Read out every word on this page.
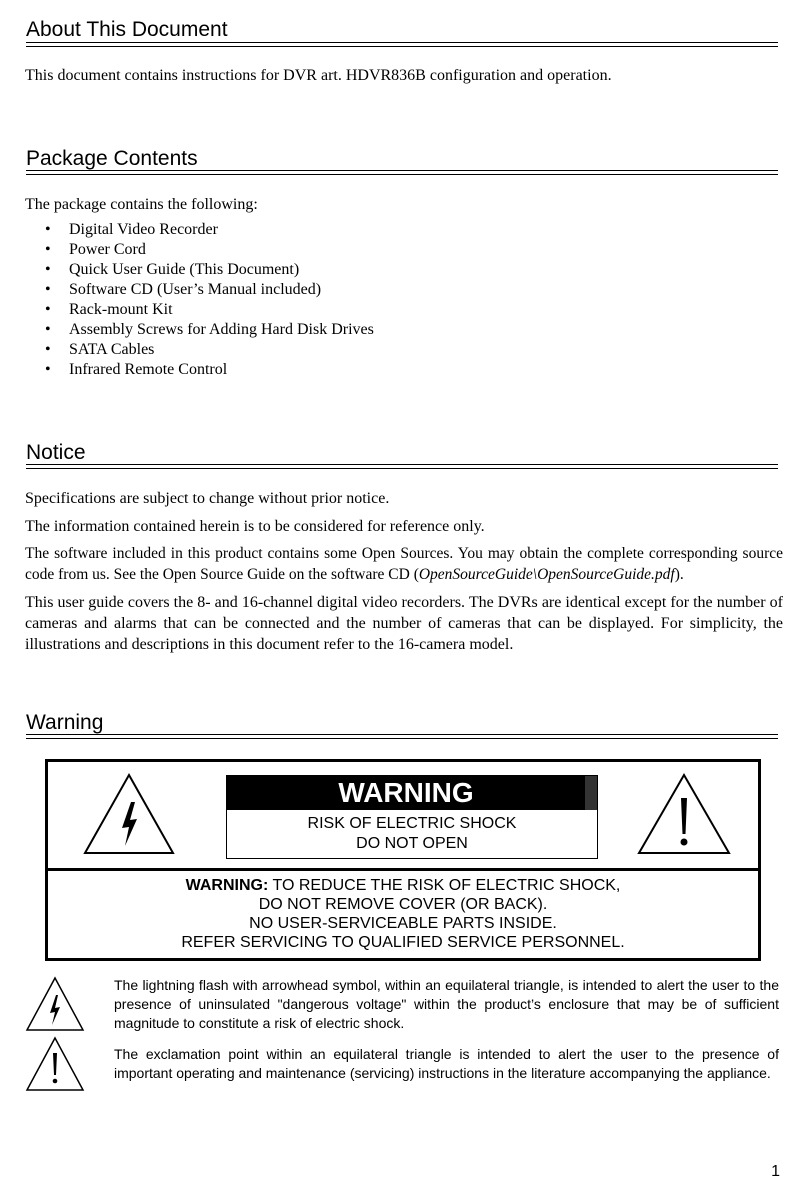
About This Document

This document contains instructions for DVR art. HDVR836B configuration and operation.

Package Contents

The package contains the following:

• Digital Video Recorder
• Power Cord
• Quick User Guide (This Document)
• Software CD (User’s Manual included)
• Rack-mount Kit
• Assembly Screws for Adding Hard Disk Drives
• SATA Cables
• Infrared Remote Control
Notice

Specifications are subject to change without prior notice.

The information contained herein is to be considered for reference only.

The software included in this product contains some Open Sources. You may obtain the complete corresponding source code from us. See the Open Source Guide on the software CD (OpenSourceGuide\OpenSourceGuide.pdf).

This user guide covers the 8- and 16-channel digital video recorders. The DVRs are identical except for the number of cameras and alarms that can be connected and the number of cameras that can be displayed. For simplicity, the illustrations and descriptions in this document refer to the 16-camera model.

Warning
WARNING
RISK OF ELECTRIC SHOCK
DO NOT OPEN
WARNING: TO REDUCE THE RISK OF ELECTRIC SHOCK,
DO NOT REMOVE COVER (OR BACK).
NO USER-SERVICEABLE PARTS INSIDE.
REFER SERVICING TO QUALIFIED SERVICE PERSONNEL.
The lightning flash with arrowhead symbol, within an equilateral triangle, is intended to alert the user to the presence of uninsulated "dangerous voltage" within the product’s enclosure that may be of sufficient magnitude to constitute a risk of electric shock.
The exclamation point within an equilateral triangle is intended to alert the user to the presence of important operating and maintenance (servicing) instructions in the literature accompanying the appliance.
1
